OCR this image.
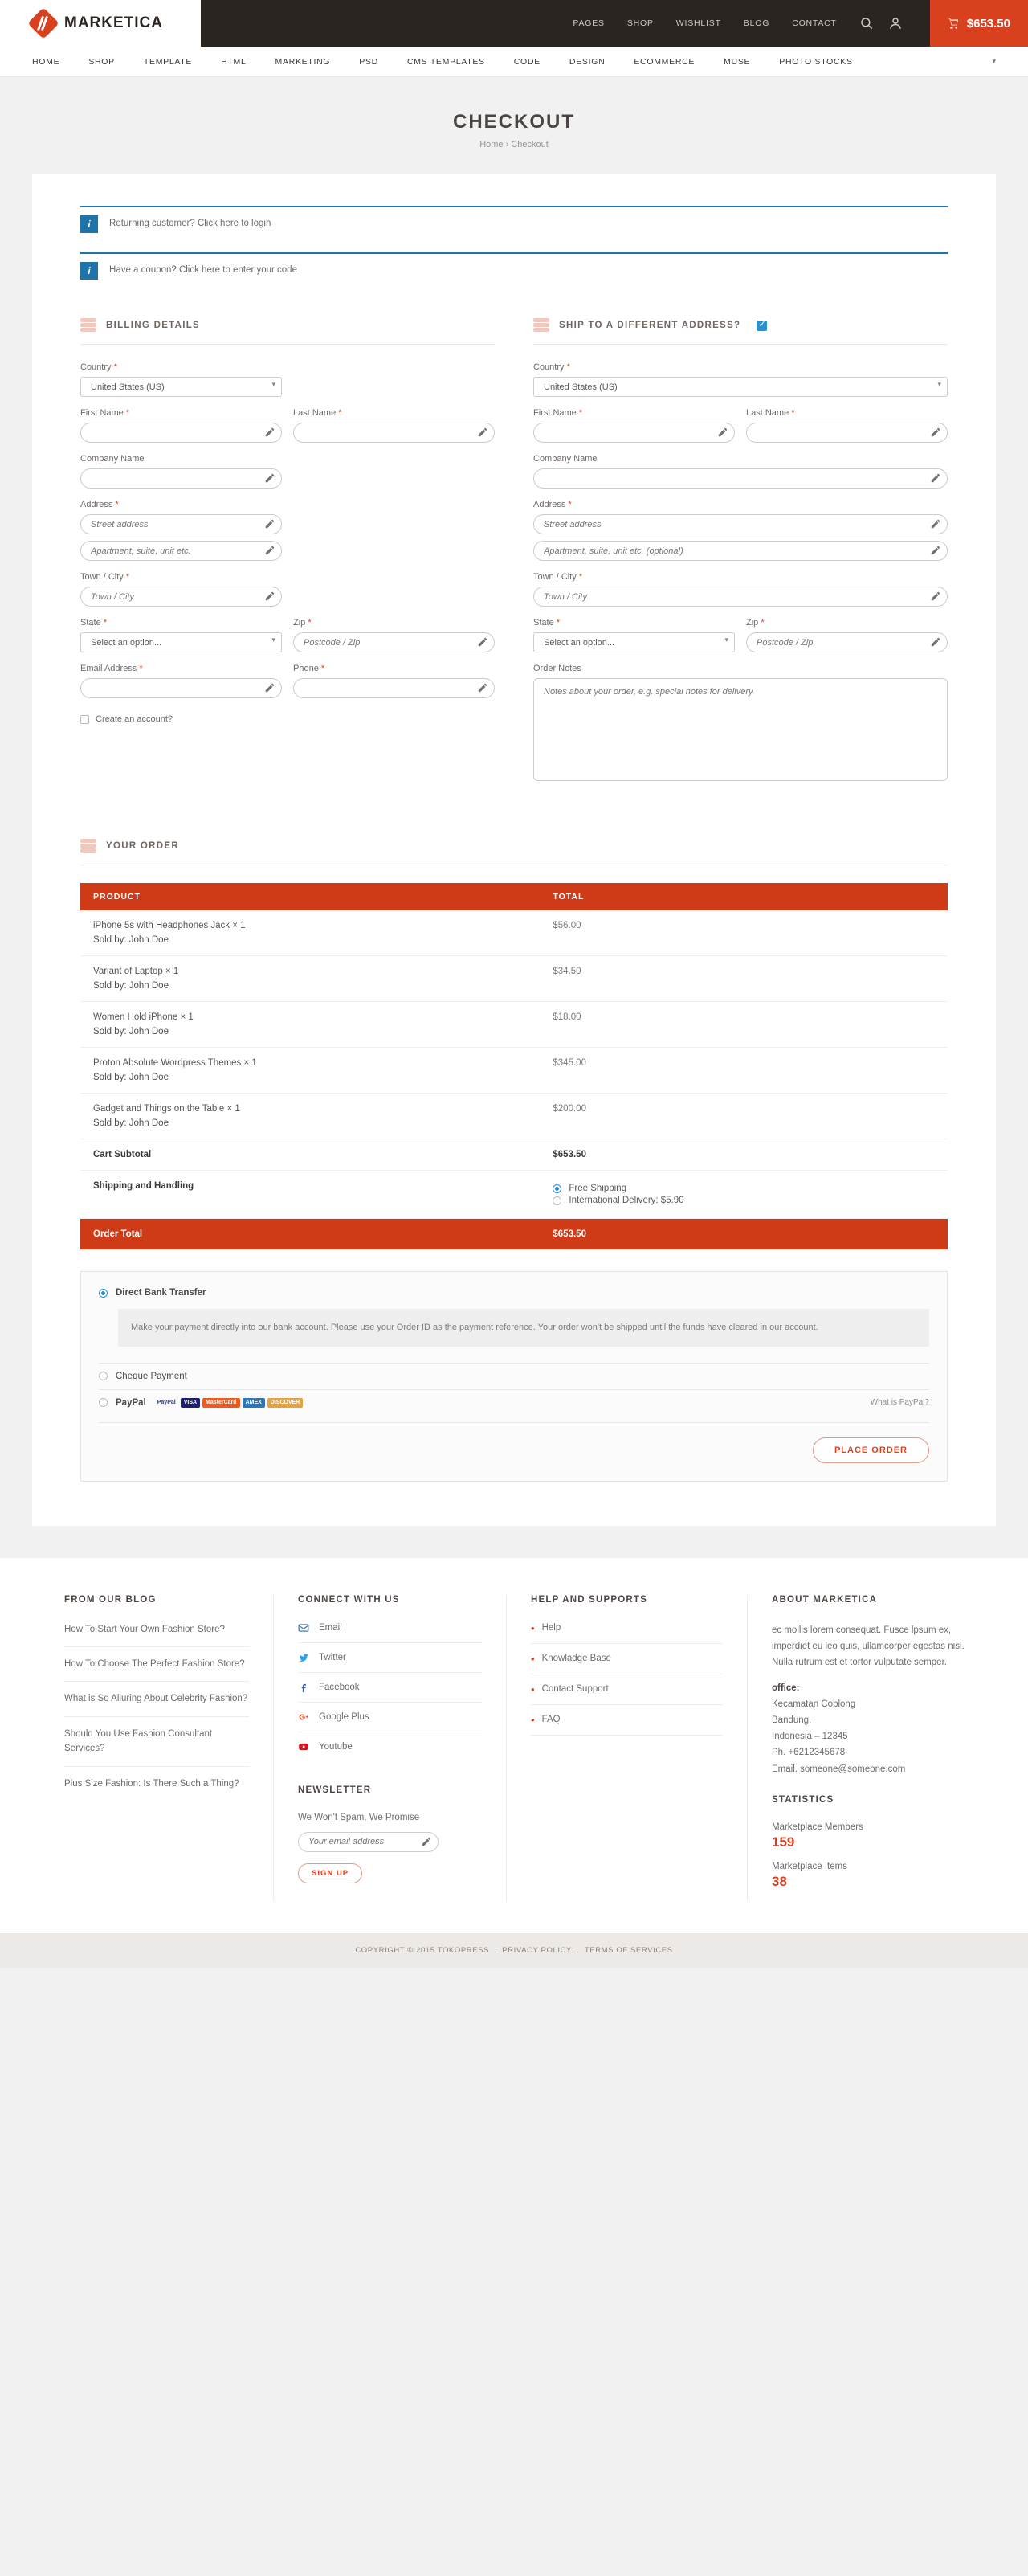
MARKETICA	PAGES	SHOP	WISHLIST	BLOG	CONTACT	$653.50
HOME	SHOP	TEMPLATE	HTML	MARKETING	PSD	CMS TEMPLATES	CODE	DESIGN	ECOMMERCE	MUSE	PHOTO STOCKS	▾
CHECKOUT
Home › Checkout
i	Returning customer? Click here to login
i	Have a coupon? Click here to enter your code
BILLING DETAILS
Country *
United States (US) ▾
First Name *	Last Name *
Company Name
Address *
Street address
Apartment, suite, unit etc.
Town / City *
Town / City
State *
Select an option... ▾	Zip *
Postcode / Zip
Email Address *	Phone *
Create an account?
SHIP TO A DIFFERENT ADDRESS?
✓
Country *
United States (US) ▾
First Name *	Last Name *
Company Name
Address *
Street address
Apartment, suite, unit etc. (optional)
Town / City *
Town / City
State *
Select an option... ▾	Zip *
Postcode / Zip
Order Notes
Notes about your order, e.g. special notes for delivery.
YOUR ORDER
PRODUCT	TOTAL

iPhone 5s with Headphones Jack × 1
Sold by: John Doe	$56.00

Variant of Laptop × 1
Sold by: John Doe	$34.50

Women Hold iPhone × 1
Sold by: John Doe	$18.00

Proton Absolute Wordpress Themes × 1
Sold by: John Doe	$345.00

Gadget and Things on the Table × 1
Sold by: John Doe	$200.00
Cart Subtotal	$653.50
Shipping and Handling	Free Shipping
International Delivery: $5.90

Order Total	$653.50
Direct Bank Transfer

Make your payment directly into our bank account. Please use your Order ID as the payment reference. Your order won't be shipped until the funds have cleared in our account.

Cheque Payment
PayPal PayPal	VISA	MasterCard	AMEX	DISCOVER	What is PayPal?
PLACE ORDER
FROM OUR BLOG
How To Start Your Own Fashion Store?
How To Choose The Perfect Fashion Store?
What is So Alluring About Celebrity Fashion?
Should You Use Fashion Consultant Services?
Plus Size Fashion: Is There Such a Thing?
CONNECT WITH US
Email
Twitter
Facebook
Google Plus
Youtube
NEWSLETTER
We Won't Spam, We Promise
Your email address
SIGN UP
HELP AND SUPPORTS
• Help
• Knowladge Base
• Contact Support
• FAQ
ABOUT MARKETICA

ec mollis lorem consequat. Fusce lpsum ex, imperdiet eu leo quis, ullamcorper egestas nisl. Nulla rutrum est et tortor vulputate semper.

office:
Kecamatan Coblong
Bandung.
Indonesia – 12345
Ph. +6212345678
Email. someone@someone.com
STATISTICS
Marketplace Members
159
Marketplace Items
38
COPYRIGHT © 2015 TOKOPRESS  .  PRIVACY POLICY  .  TERMS OF SERVICES
